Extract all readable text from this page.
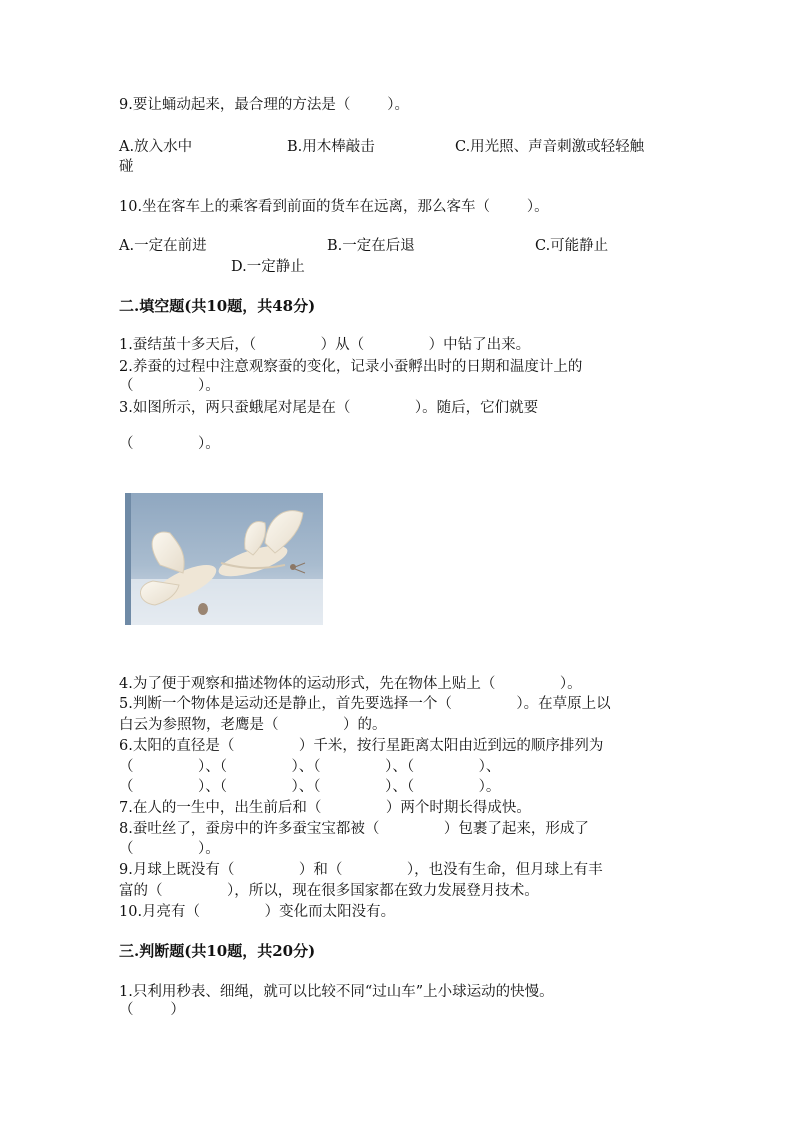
9.要让蛹动起来，最合理的方法是（        ）。
A.放入水中	B.用木棒敲击	C.用光照、声音刺激或轻轻触
碰
10.坐在客车上的乘客看到前面的货车在远离，那么客车（        ）。
A.一定在前进	B.一定在后退	C.可能静止
D.一定静止
二.填空题(共10题，共48分)
1.蚕结茧十多天后，（              ）从（              ）中钻了出来。
2.养蚕的过程中注意观察蚕的变化，记录小蚕孵出时的日期和温度计上的
（              ）。
3.如图所示，两只蚕蛾尾对尾是在（              ）。随后，它们就要
（              ）。
4.为了便于观察和描述物体的运动形式，先在物体上贴上（              ）。
5.判断一个物体是运动还是静止，首先要选择一个（              ）。在草原上以
白云为参照物，老鹰是（              ）的。
6.太阳的直径是（              ）千米，按行星距离太阳由近到远的顺序排列为
（              ）、（              ）、（              ）、（              ）、
（              ）、（              ）、（              ）、（              ）。
7.在人的一生中，出生前后和（              ）两个时期长得成快。
8.蚕吐丝了，蚕房中的许多蚕宝宝都被（              ）包裹了起来，形成了
（              ）。
9.月球上既没有（              ）和（              ），也没有生命，但月球上有丰
富的（              ），所以，现在很多国家都在致力发展登月技术。
10.月亮有（              ）变化而太阳没有。
三.判断题(共10题，共20分)
1.只利用秒表、细绳，就可以比较不同“过山车”上小球运动的快慢。
（        ）
